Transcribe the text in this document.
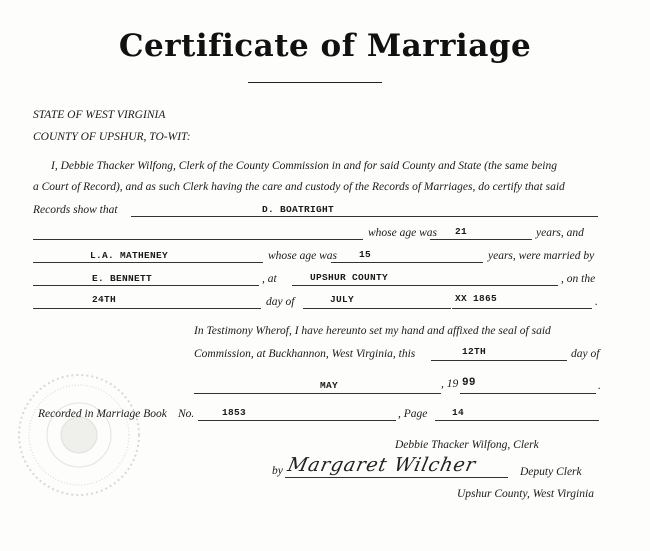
Certificate of Marriage
STATE OF WEST VIRGINIA
COUNTY OF UPSHUR, TO-WIT:
I, Debbie Thacker Wilfong, Clerk of the County Commission in and for said County and State (the same being
a Court of Record), and as such Clerk having the care and custody of the Records of Marriages, do certify that said
Records show that	D. BOATRIGHT
whose age was 21	years, and
L.A. MATHENEY	whose age was 15	years, were married by
E. BENNETT	, at	UPSHUR COUNTY	, on the
24TH	day of	JULY	XX 1865	.
In Testimony Wherof, I have hereunto set my hand and affixed the seal of said
Commission, at Buckhannon, West Virginia, this	12TH	day of
MAY	, 19 99	.
Recorded in Marriage Book No.	1853	, Page	14
Debbie Thacker Wilfong, Clerk
by Margaret Wilcher	Deputy Clerk
Upshur County, West Virginia
